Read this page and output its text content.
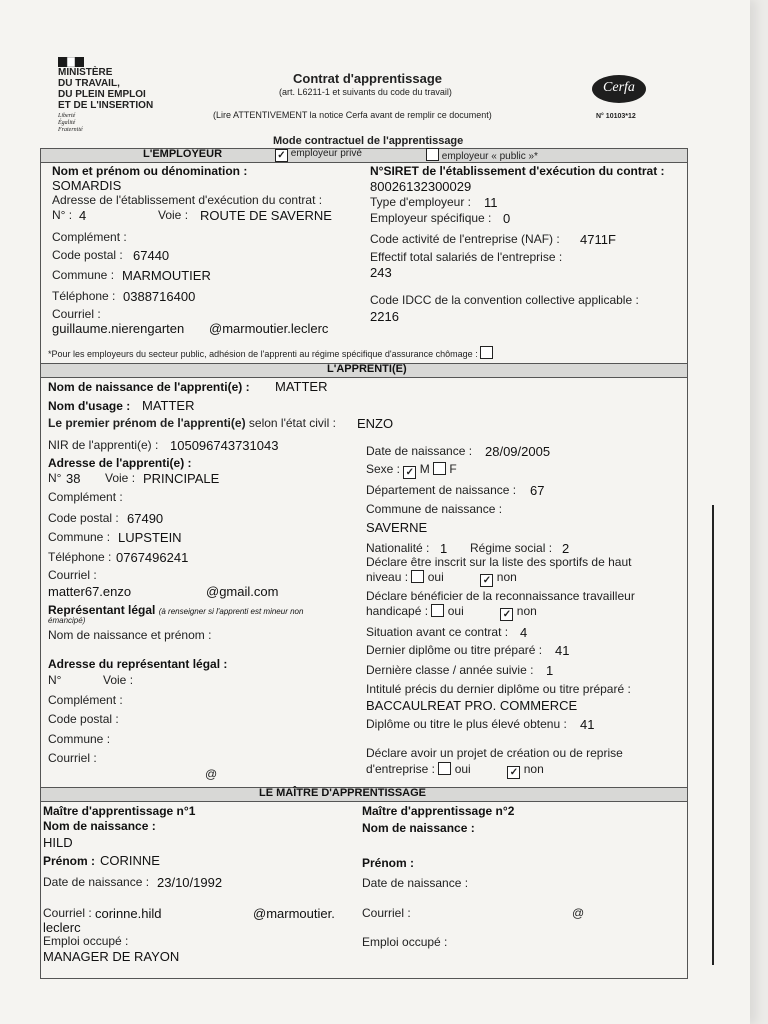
MINISTÈRE
DU TRAVAIL,
DU PLEIN EMPLOI
ET DE L'INSERTION
Liberté
Égalité
Fraternité
Contrat d'apprentissage
(art. L6211-1 et suivants du code du travail)
(Lire ATTENTIVEMENT la notice Cerfa avant de remplir ce document)
Cerfa
N° 10103*12
Mode contractuel de l'apprentissage
L'EMPLOYEUR	✓ employeur privé	employeur « public »*
Nom et prénom ou dénomination :
SOMARDIS
Adresse de l'établissement d'exécution du contrat :
N° : 4	Voie : ROUTE DE SAVERNE
Complément :
Code postal : 67440
Commune : MARMOUTIER
Téléphone : 0388716400
Courriel :
guillaume.nierengarten @marmoutier.leclerc
N°SIRET de l'établissement d'exécution du contrat :
80026132300029
Type d'employeur : 11
Employeur spécifique : 0
Code activité de l'entreprise (NAF) : 4711F
Effectif total salariés de l'entreprise :
243
Code IDCC de la convention collective applicable :
2216
*Pour les employeurs du secteur public, adhésion de l'apprenti au régime spécifique d'assurance chômage :
L'APPRENTI(E)
Nom de naissance de l'apprenti(e) : MATTER
Nom d'usage : MATTER
Le premier prénom de l'apprenti(e) selon l'état civil : ENZO
NIR de l'apprenti(e) : 105096743731043
Adresse de l'apprenti(e) :
N° 38 Voie : PRINCIPALE
Complément :
Code postal : 67490
Commune : LUPSTEIN
Téléphone : 0767496241
Courriel :
matter67.enzo	@gmail.com
Représentant légal (à renseigner si l'apprenti est mineur non
émancipé)
Nom de naissance et prénom :
Adresse du représentant légal :
N°	Voie :
Complément :
Code postal :
Commune :
Courriel :
@
Date de naissance : 28/09/2005
Sexe : ✓ M F
Département de naissance : 67
Commune de naissance :
SAVERNE
Nationalité : 1 Régime social : 2
Déclare être inscrit sur la liste des sportifs de haut
niveau : oui	✓ non
Déclare bénéficier de la reconnaissance travailleur
handicapé : oui	✓ non
Situation avant ce contrat : 4
Dernier diplôme ou titre préparé : 41
Dernière classe / année suivie : 1
Intitulé précis du dernier diplôme ou titre préparé :
BACCAULREAT PRO. COMMERCE
Diplôme ou titre le plus élevé obtenu : 41
Déclare avoir un projet de création ou de reprise
d'entreprise : oui	✓ non
LE MAÎTRE D'APPRENTISSAGE
Maître d'apprentissage n°1
Nom de naissance :
HILD
Prénom : CORINNE
Date de naissance : 23/10/1992
Courriel : corinne.hild	@marmoutier.
leclerc
Emploi occupé :
MANAGER DE RAYON
Maître d'apprentissage n°2
Nom de naissance :
Prénom :
Date de naissance :
Courriel :	@
Emploi occupé :
